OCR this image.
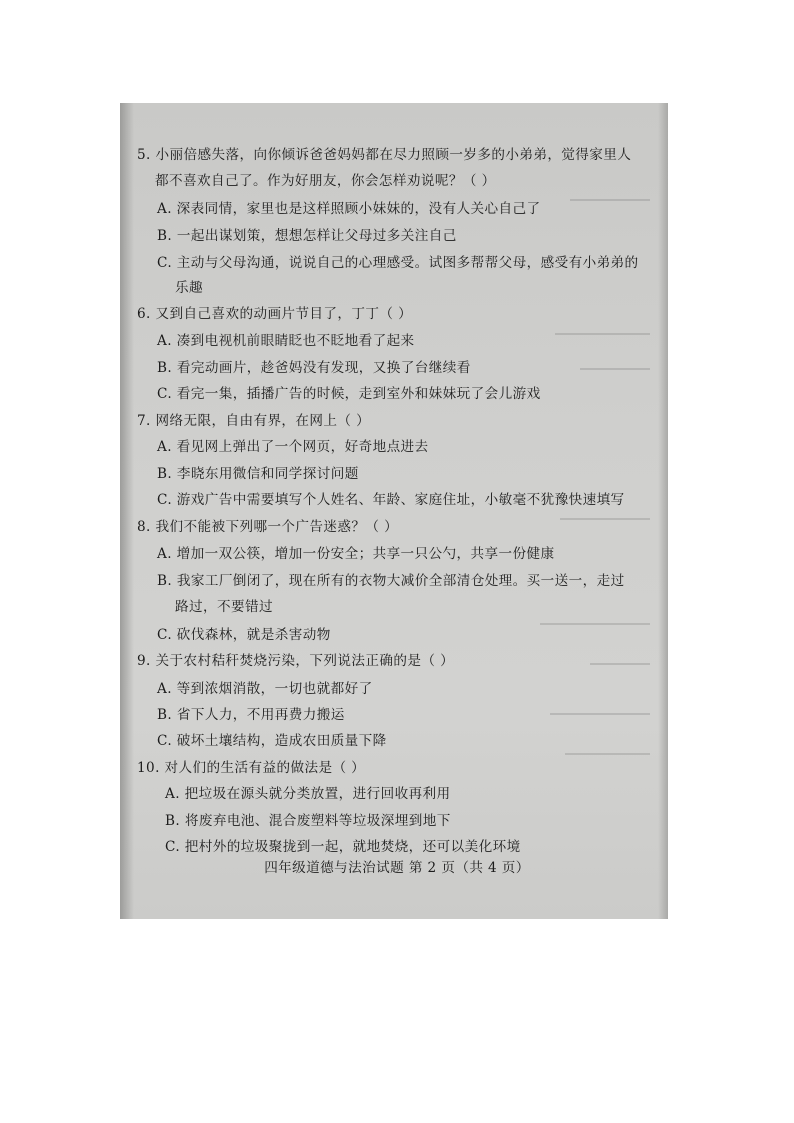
5. 小丽倍感失落，向你倾诉爸爸妈妈都在尽力照顾一岁多的小弟弟，觉得家里人
都不喜欢自己了。作为好朋友，你会怎样劝说呢？（ ）
A. 深表同情，家里也是这样照顾小妹妹的，没有人关心自己了
B. 一起出谋划策，想想怎样让父母过多关注自己
C. 主动与父母沟通，说说自己的心理感受。试图多帮帮父母，感受有小弟弟的
乐趣
6. 又到自己喜欢的动画片节目了，丁丁（ ）
A. 凑到电视机前眼睛眨也不眨地看了起来
B. 看完动画片，趁爸妈没有发现，又换了台继续看
C. 看完一集，插播广告的时候，走到室外和妹妹玩了会儿游戏
7. 网络无限，自由有界，在网上（ ）
A. 看见网上弹出了一个网页，好奇地点进去
B. 李晓东用微信和同学探讨问题
C. 游戏广告中需要填写个人姓名、年龄、家庭住址，小敏毫不犹豫快速填写
8. 我们不能被下列哪一个广告迷惑？（ ）
A. 增加一双公筷，增加一份安全；共享一只公勺，共享一份健康
B. 我家工厂倒闭了，现在所有的衣物大减价全部清仓处理。买一送一，走过
路过，不要错过
C. 砍伐森林，就是杀害动物
9. 关于农村秸秆焚烧污染，下列说法正确的是（ ）
A. 等到浓烟消散，一切也就都好了
B. 省下人力，不用再费力搬运
C. 破坏土壤结构，造成农田质量下降
10. 对人们的生活有益的做法是（ ）
A. 把垃圾在源头就分类放置，进行回收再利用
B. 将废弃电池、混合废塑料等垃圾深埋到地下
C. 把村外的垃圾聚拢到一起，就地焚烧，还可以美化环境
四年级道德与法治试题 第 2 页（共 4 页）
